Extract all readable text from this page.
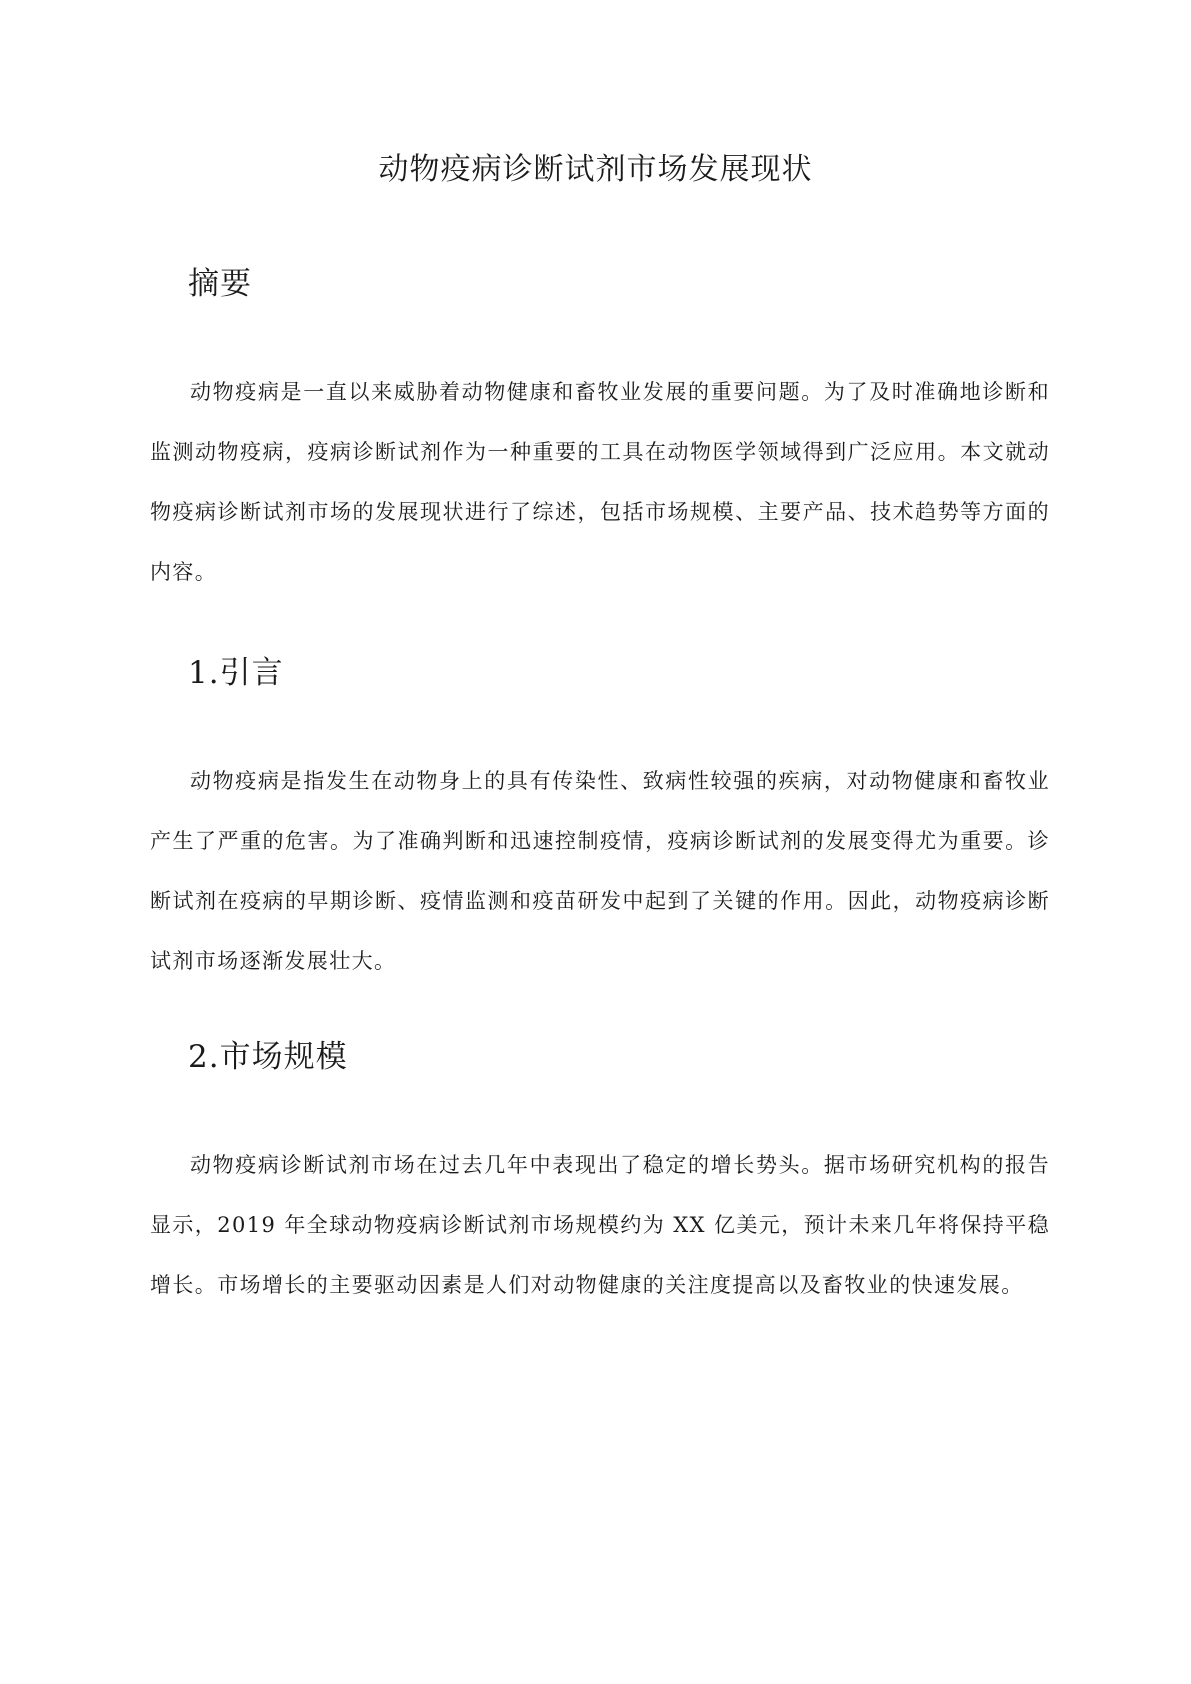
动物疫病诊断试剂市场发展现状
摘要

动物疫病是一直以来威胁着动物健康和畜牧业发展的重要问题。为了及时准确地诊断和监测动物疫病，疫病诊断试剂作为一种重要的工具在动物医学领域得到广泛应用。本文就动物疫病诊断试剂市场的发展现状进行了综述，包括市场规模、主要产品、技术趋势等方面的内容。

1.引言

动物疫病是指发生在动物身上的具有传染性、致病性较强的疾病，对动物健康和畜牧业产生了严重的危害。为了准确判断和迅速控制疫情，疫病诊断试剂的发展变得尤为重要。诊断试剂在疫病的早期诊断、疫情监测和疫苗研发中起到了关键的作用。因此，动物疫病诊断试剂市场逐渐发展壮大。

2.市场规模

动物疫病诊断试剂市场在过去几年中表现出了稳定的增长势头。据市场研究机构的报告显示，2019 年全球动物疫病诊断试剂市场规模约为 XX 亿美元，预计未来几年将保持平稳增长。市场增长的主要驱动因素是人们对动物健康的关注度提高以及畜牧业的快速发展。
